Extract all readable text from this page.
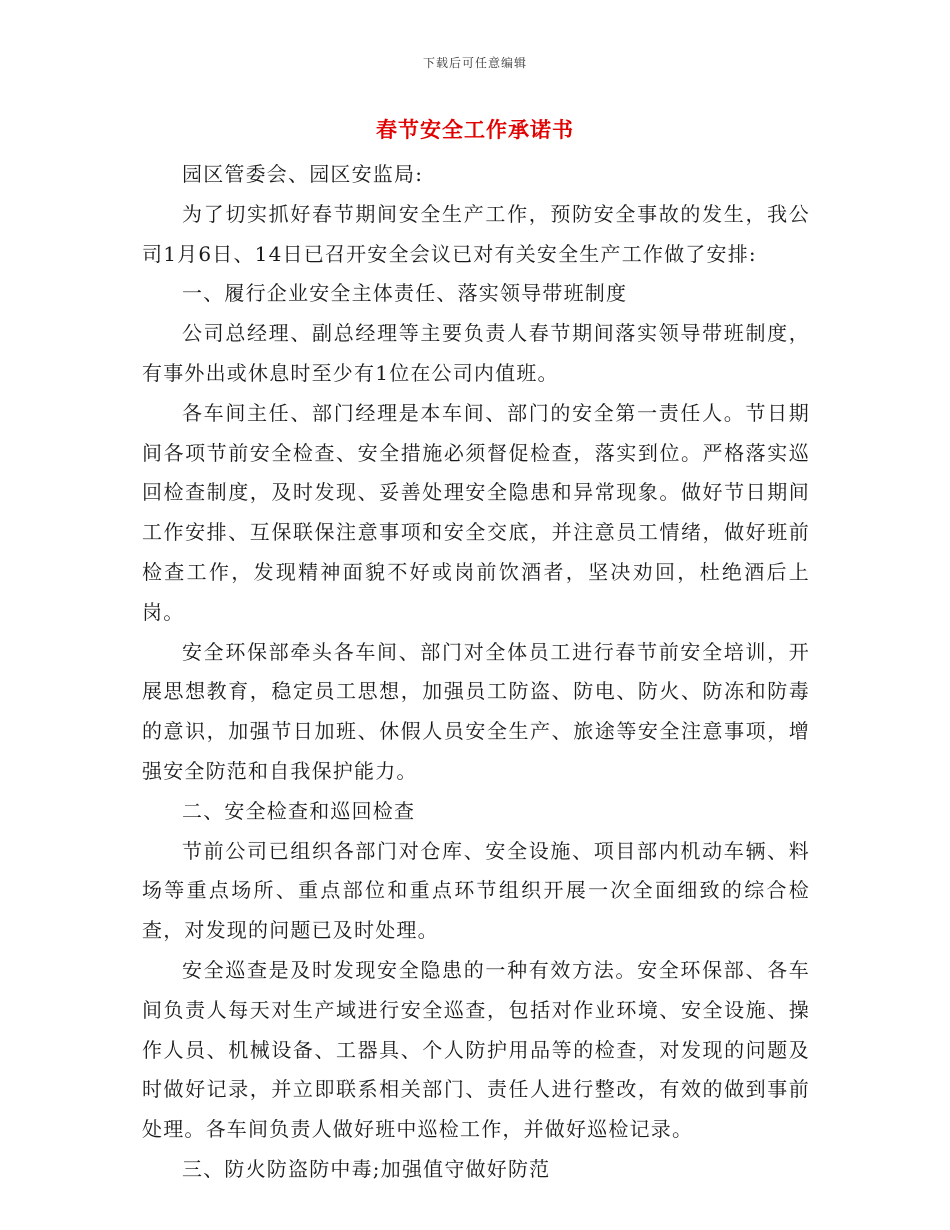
下载后可任意编辑
春节安全工作承诺书

园区管委会、园区安监局:

为了切实抓好春节期间安全生产工作，预防安全事故的发生，我公司1月6日、14日已召开安全会议已对有关安全生产工作做了安排:

一、履行企业安全主体责任、落实领导带班制度

公司总经理、副总经理等主要负责人春节期间落实领导带班制度，有事外出或休息时至少有1位在公司内值班。

各车间主任、部门经理是本车间、部门的安全第一责任人。节日期间各项节前安全检查、安全措施必须督促检查，落实到位。严格落实巡回检查制度，及时发现、妥善处理安全隐患和异常现象。做好节日期间工作安排、互保联保注意事项和安全交底，并注意员工情绪，做好班前检查工作，发现精神面貌不好或岗前饮酒者，坚决劝回，杜绝酒后上岗。

安全环保部牵头各车间、部门对全体员工进行春节前安全培训，开展思想教育，稳定员工思想，加强员工防盗、防电、防火、防冻和防毒的意识，加强节日加班、休假人员安全生产、旅途等安全注意事项，增强安全防范和自我保护能力。

二、安全检查和巡回检查

节前公司已组织各部门对仓库、安全设施、项目部内机动车辆、料场等重点场所、重点部位和重点环节组织开展一次全面细致的综合检查，对发现的问题已及时处理。

安全巡查是及时发现安全隐患的一种有效方法。安全环保部、各车间负责人每天对生产域进行安全巡查，包括对作业环境、安全设施、操作人员、机械设备、工器具、个人防护用品等的检查，对发现的问题及时做好记录，并立即联系相关部门、责任人进行整改，有效的做到事前处理。各车间负责人做好班中巡检工作，并做好巡检记录。

三、防火防盗防中毒;加强值守做好防范
